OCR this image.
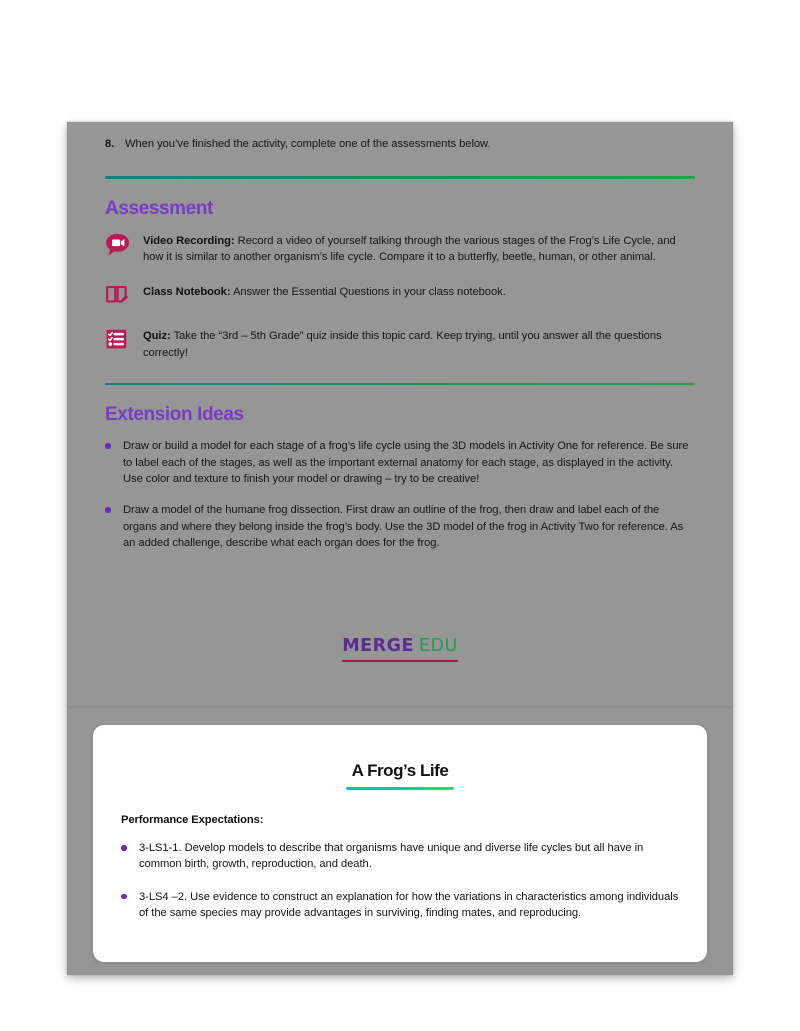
8. When you’ve finished the activity, complete one of the assessments below.
Assessment
Video Recording: Record a video of yourself talking through the various stages of the Frog’s Life Cycle, and how it is similar to another organism’s life cycle. Compare it to a butterfly, beetle, human, or other animal.
Class Notebook: Answer the Essential Questions in your class notebook.
Quiz: Take the “3rd – 5th Grade” quiz inside this topic card. Keep trying, until you answer all the questions correctly!
Extension Ideas
Draw or build a model for each stage of a frog’s life cycle using the 3D models in Activity One for reference. Be sure to label each of the stages, as well as the important external anatomy for each stage, as displayed in the activity. Use color and texture to finish your model or drawing – try to be creative!
Draw a model of the humane frog dissection. First draw an outline of the frog, then draw and label each of the organs and where they belong inside the frog’s body. Use the 3D model of the frog in Activity Two for reference. As an added challenge, describe what each organ does for the frog.
MERGE EDU
A Frog’s Life
Performance Expectations:
3-LS1-1. Develop models to describe that organisms have unique and diverse life cycles but all have in common birth, growth, reproduction, and death.
3-LS4 –2. Use evidence to construct an explanation for how the variations in characteristics among individuals of the same species may provide advantages in surviving, finding mates, and reproducing.
